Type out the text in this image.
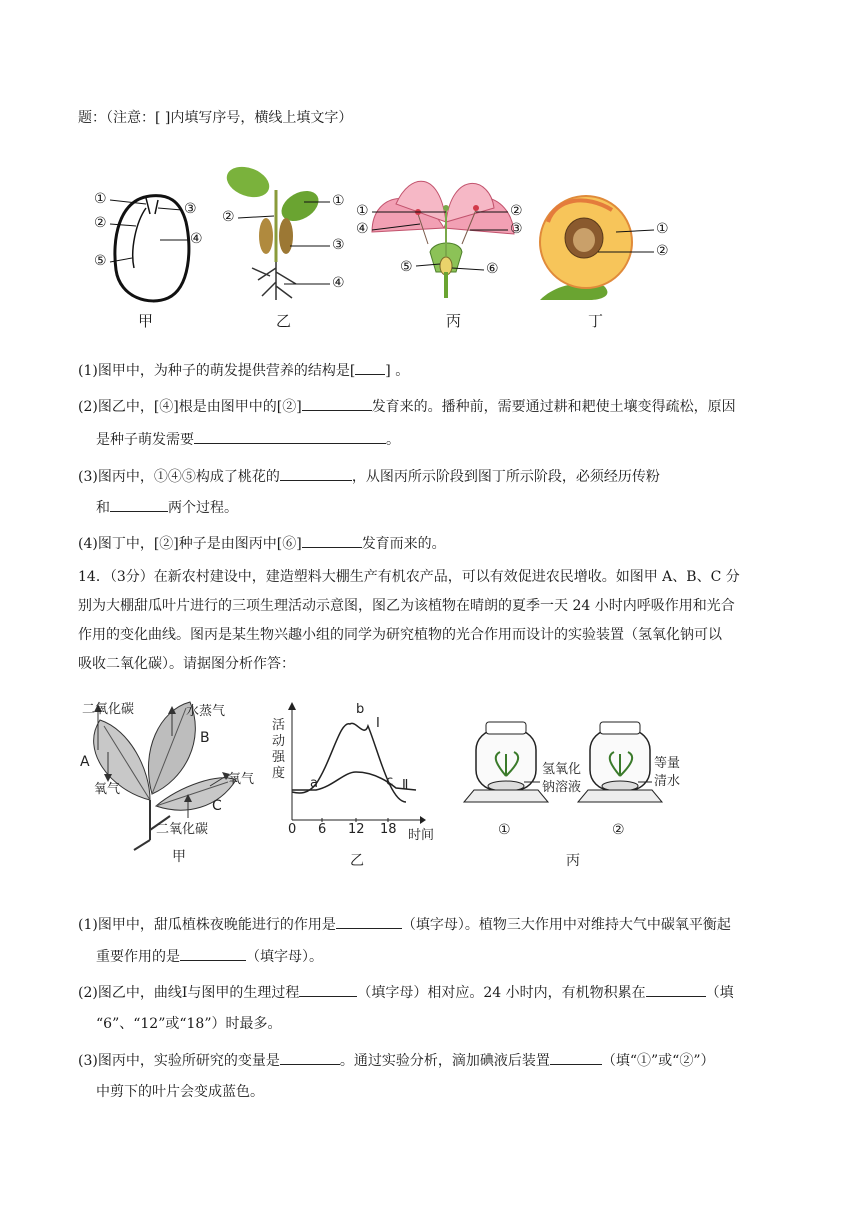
题：（注意：[ ]内填写序号，横线上填文字）
①
②
③
④
⑤
①
②
③
④
①	②
③
④
⑤	⑥
①
②
甲	乙	丙	丁
(1)图甲中，为种子的萌发提供营养的结构是[ ] 。
(2)图乙中，[④]根是由图甲中的[②]	发育来的。播种前，需要通过耕和耙使土壤变得疏松，原因
是种子萌发需要	。
(3)图丙中，①④⑤构成了桃花的	，从图丙所示阶段到图丁所示阶段，必须经历传粉
和	两个过程。
(4)图丁中，[②]种子是由图丙中[⑥]	发育而来的。
14．（3分）在新农村建设中，建造塑料大棚生产有机农产品，可以有效促进农民增收。如图甲 A、B、C 分
别为大棚甜瓜叶片进行的三项生理活动示意图，图乙为该植物在晴朗的夏季一天 24 小时内呼吸作用和光合
作用的变化曲线。图丙是某生物兴趣小组的同学为研究植物的光合作用而设计的实验装置（氢氧化钠可以
吸收二氧化碳）。请据图分析作答：
二氧化碳	水蒸气
B
A
氧气
氧气
C
二氧化碳
甲
活
动
强
度
b
Ⅰ
a	c Ⅱ
0 6 12 18 时间
乙
氢氧化
钠溶液
等量
清水
①	②
丙
(1)图甲中，甜瓜植株夜晚能进行的作用是	（填字母）。植物三大作用中对维持大气中碳氧平衡起
重要作用的是	（填字母）。
(2)图乙中，曲线Ⅰ与图甲的生理过程	（填字母）相对应。24 小时内，有机物积累在	（填
“6”、“12”或“18”）时最多。
(3)图丙中，实验所研究的变量是	。通过实验分析，滴加碘液后装置	（填“①”或“②”）
中剪下的叶片会变成蓝色。
